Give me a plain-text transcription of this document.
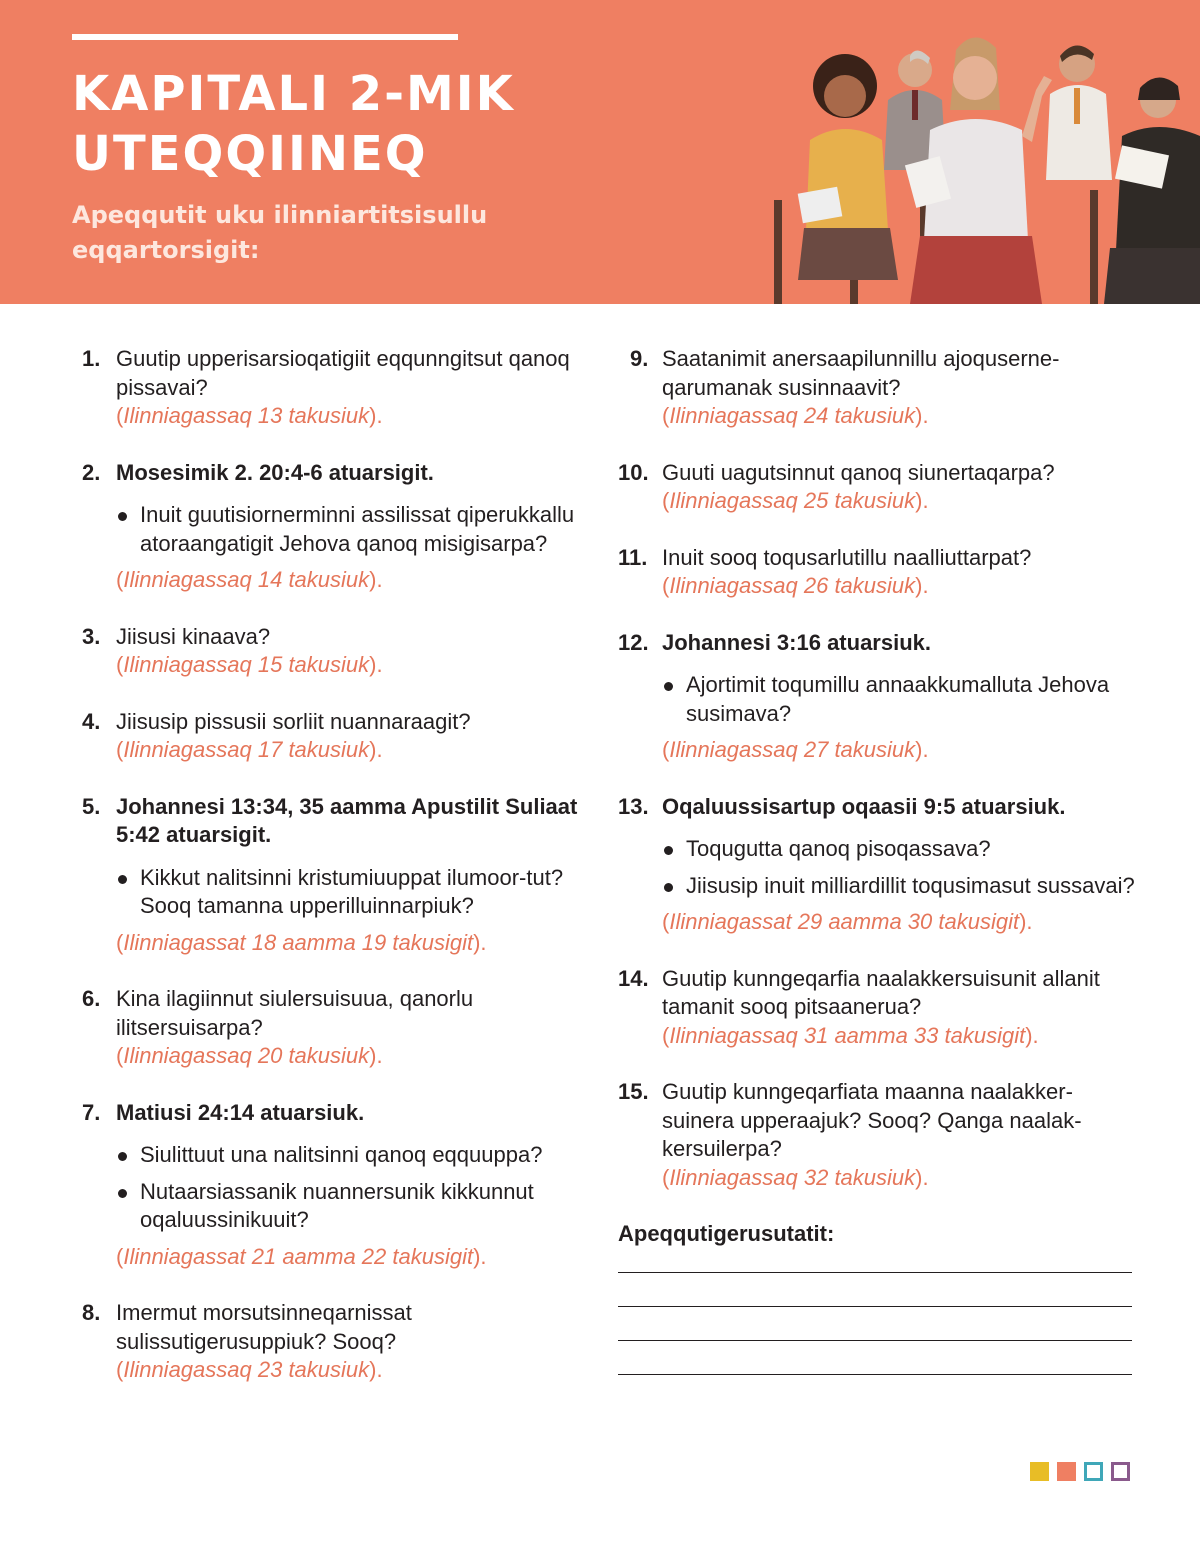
KAPITALI 2-MIK
UTEQQIINEQ

Apeqqutit uku ilinniartitsisullu eqqartorsigit:

1. Guutip upperisarsioqatigiit eqqunngitsut qanoq pissavai?
(Ilinniagassaq 13 takusiuk).
2. Mosesimik 2. 20:4-6 atuarsigit.
Inuit guutisiornerminni assilissat qiperukkallu atoraangatigit Jehova qanoq misigisarpa?
(Ilinniagassaq 14 takusiuk).
3. Jiisusi kinaava?
(Ilinniagassaq 15 takusiuk).
4. Jiisusip pissusii sorliit nuannaraagit?
(Ilinniagassaq 17 takusiuk).
5. Johannesi 13:34, 35 aamma Apustilit Suliaat 5:42 atuarsigit.
Kikkut nalitsinni kristumiuuppat ilumoor-tut? Sooq tamanna upperilluinnarpiuk?
(Ilinniagassat 18 aamma 19 takusigit).
6. Kina ilagiinnut siulersuisuua, qanorlu ilitsersuisarpa?
(Ilinniagassaq 20 takusiuk).
7. Matiusi 24:14 atuarsiuk.
Siulittuut una nalitsinni qanoq eqquuppa?
Nutaarsiassanik nuannersunik kikkunnut oqaluussinikuuit?
(Ilinniagassat 21 aamma 22 takusigit).
8. Imermut morsutsinneqarnissat sulissutigerusuppiuk? Sooq?
(Ilinniagassaq 23 takusiuk).
9. Saatanimit anersaapilunnillu ajoquserne-qarumanak susinnaavit?
(Ilinniagassaq 24 takusiuk).
10. Guuti uagutsinnut qanoq siunertaqarpa?
(Ilinniagassaq 25 takusiuk).
11. Inuit sooq toqusarlutillu naalliuttarpat?
(Ilinniagassaq 26 takusiuk).
12. Johannesi 3:16 atuarsiuk.
Ajortimit toqumillu annaakkumalluta Jehova susimava?
(Ilinniagassaq 27 takusiuk).
13. Oqaluussisartup oqaasii 9:5 atuarsiuk.
Toqugutta qanoq pisoqassava?
Jiisusip inuit milliardillit toqusimasut sussavai?
(Ilinniagassat 29 aamma 30 takusigit).
14. Guutip kunngeqarfia naalakkersuisunit allanit tamanit sooq pitsaanerua?
(Ilinniagassaq 31 aamma 33 takusigit).
15. Guutip kunngeqarfiata maanna naalakker-suinera upperaajuk? Sooq? Qanga naalak-kersuilerpa?
(Ilinniagassaq 32 takusiuk).
Apeqqutigerusutatit:
